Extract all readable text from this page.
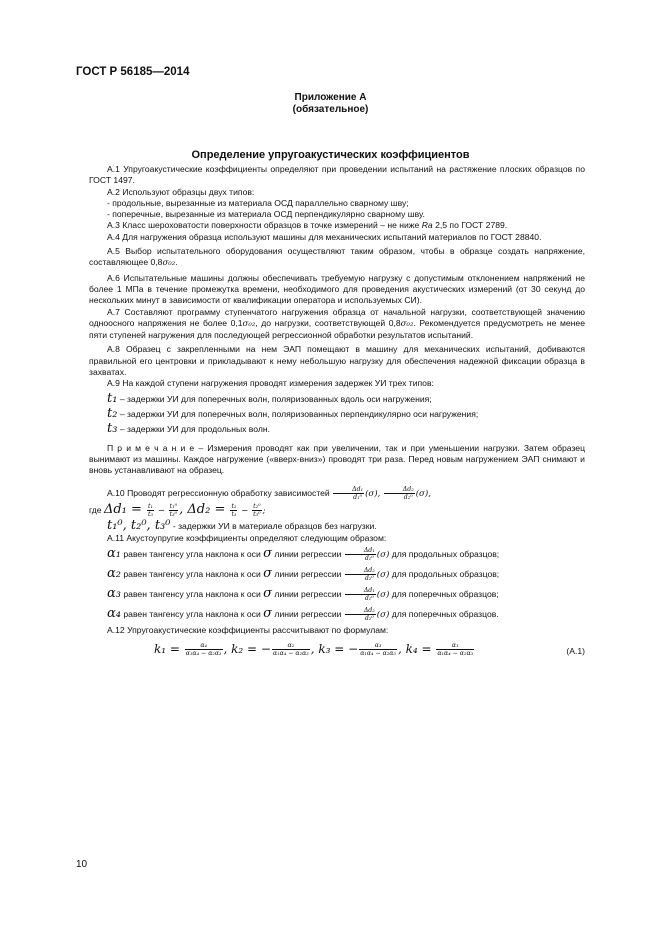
ГОСТ Р 56185—2014
Приложение А
(обязательное)
Определение упругоакустических коэффициентов

А.1 Упругоакустические коэффициенты определяют при проведении испытаний на растяжение плоских образцов по ГОСТ 1497.

А.2 Используют образцы двух типов:

- продольные, вырезанные из материала ОСД параллельно сварному шву;

- поперечные, вырезанные из материала ОСД перпендикулярно сварному шву.

А.3 Класс шероховатости поверхности образцов в точке измерений – не ниже Ra 2,5 по ГОСТ 2789.

А.4 Для нагружения образца используют машины для механических испытаний материалов по ГОСТ 28840.

А.5 Выбор испытательного оборудования осуществляют таким образом, чтобы в образце создать напряжение, составляющее 0,8σ₀₂.

А.6 Испытательные машины должны обеспечивать требуемую нагрузку с допустимым отклонением напряжений не более 1 МПа в течение промежутка времени, необходимого для проведения акустических измерений (от 30 секунд до нескольких минут в зависимости от квалификации оператора и используемых СИ).

А.7 Составляют программу ступенчатого нагружения образца от начальной нагрузки, соответствующей значению одноосного напряжения не более 0,1σ₀₂, до нагрузки, соответствующей 0,8σ₀₂. Рекомендуется предусмотреть не менее пяти ступеней нагружения для последующей регрессионной обработки результатов испытаний.

А.8 Образец с закрепленными на нем ЭАП помещают в машину для механических испытаний, добиваются правильной его центровки и прикладывают к нему небольшую нагрузку для обеспечения надежной фиксации образца в захватах.

А.9 На каждой ступени нагружения проводят измерения задержек УИ трех типов:

t₁ – задержки УИ для поперечных волн, поляризованных вдоль оси нагружения;

t₂ – задержки УИ для поперечных волн, поляризованных перпендикулярно оси нагружения;

t₃ – задержки УИ для продольных волн.

П р и м е ч а н и е – Измерения проводят как при увеличении, так и при уменьшении нагрузки. Затем образец вынимают из машины. Каждое нагружение («вверх-вниз») проводят три раза. Перед новым нагружением ЭАП снимают и вновь устанавливают на образец.

А.10 Проводят регрессионную обработку зависимостей $\frac{\text{Δd₁}}{\text{d₁⁰}} (\sigma)$, $\frac{\text{Δd₂}}{\text{d₂⁰}} (\sigma)$,

где $\Delta d_1 = \frac{\text{t₁}}{\text{t₃}} - \frac{\text{t₁⁰}}{\text{t₃⁰}}$ , $\Delta d_2 = \frac{\text{t₂}}{\text{t₃}} - \frac{\text{t₂⁰}}{\text{t₃⁰}}$ ;

t₁⁰, t₂⁰, t₃⁰ - задержки УИ в материале образцов без нагрузки.

А.11 Акустоупругие коэффициенты определяют следующим образом:

α₁ равен тангенсу угла наклона к оси σ линии регрессии $\frac{\text{Δd₁}}{\text{d₁⁰}} (\sigma)$ для продольных образцов;

α₂ равен тангенсу угла наклона к оси σ линии регрессии $\frac{\text{Δd₂}}{\text{d₂⁰}} (\sigma)$ для продольных образцов;

α₃ равен тангенсу угла наклона к оси σ линии регрессии $\frac{\text{Δd₁}}{\text{d₁⁰}} (\sigma)$ для поперечных образцов;

α₄ равен тангенсу угла наклона к оси σ линии регрессии $\frac{\text{Δd₂}}{\text{d₂⁰}} (\sigma)$ для поперечных образцов.

А.12 Упругоакустические коэффициенты рассчитывают по формулам:

$k_1 = \frac{\text{α₄}}{\text{α₁α₄ − α₂α₃}}$ , k₂ = − $\frac{\text{α₂}}{\text{α₁α₄ − α₂α₃}}$ , k₃ = − $\frac{\text{α₃}}{\text{α₁α₄ − α₂α₃}}$ , $k_4 = \frac{\text{α₁}}{\text{α₁α₄ − α₂α₃}}$	(А.1)
10
